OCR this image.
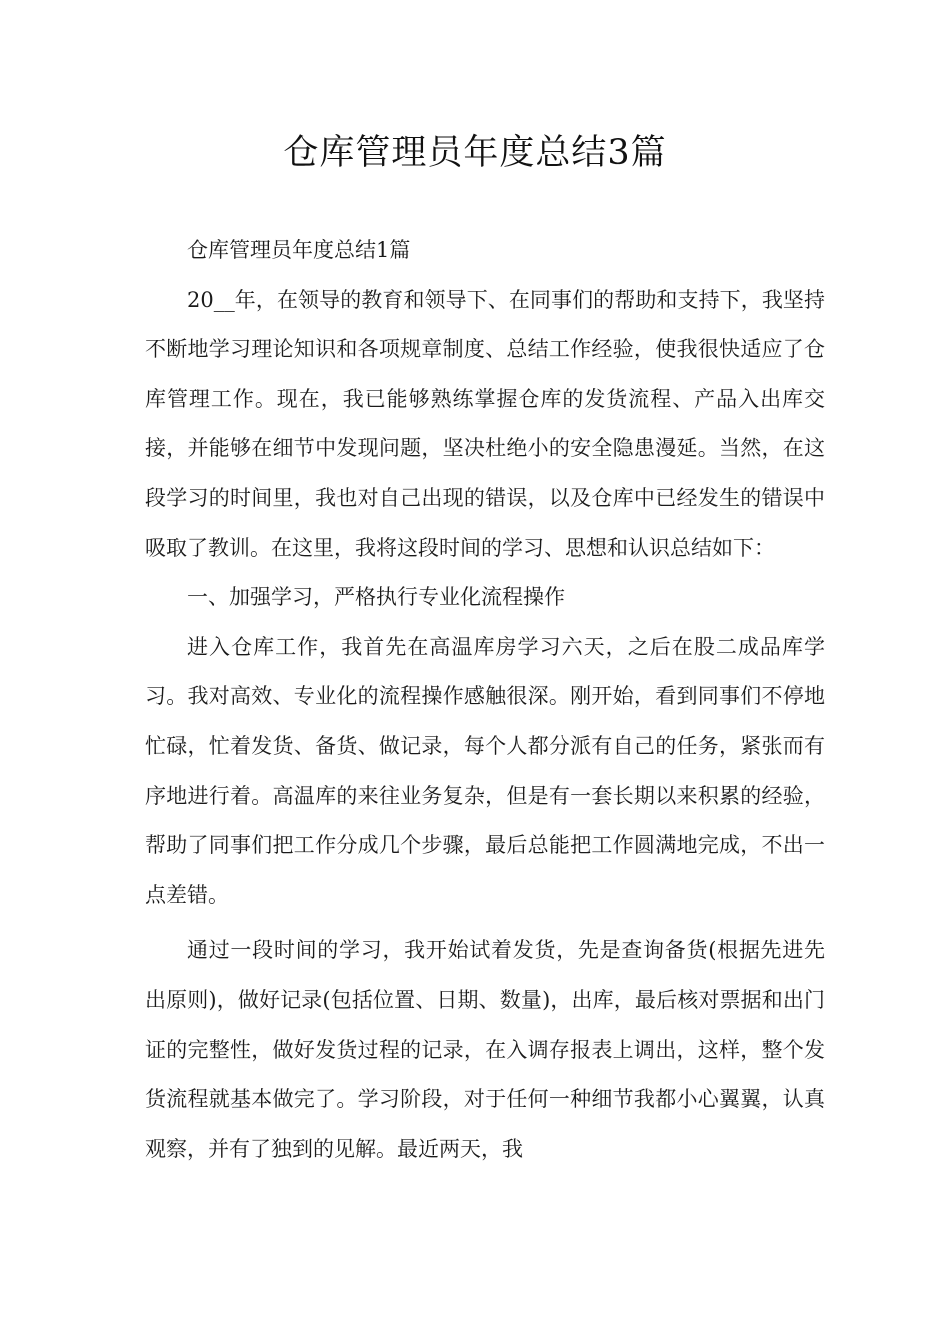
仓库管理员年度总结3篇

仓库管理员年度总结1篇

20__年，在领导的教育和领导下、在同事们的帮助和支持下，我坚持不断地学习理论知识和各项规章制度、总结工作经验，使我很快适应了仓库管理工作。现在，我已能够熟练掌握仓库的发货流程、产品入出库交接，并能够在细节中发现问题，坚决杜绝小的安全隐患漫延。当然，在这段学习的时间里，我也对自己出现的错误，以及仓库中已经发生的错误中吸取了教训。在这里，我将这段时间的学习、思想和认识总结如下：

一、加强学习，严格执行专业化流程操作

进入仓库工作，我首先在高温库房学习六天，之后在股二成品库学习。我对高效、专业化的流程操作感触很深。刚开始，看到同事们不停地忙碌，忙着发货、备货、做记录，每个人都分派有自己的任务，紧张而有序地进行着。高温库的来往业务复杂，但是有一套长期以来积累的经验，帮助了同事们把工作分成几个步骤，最后总能把工作圆满地完成，不出一点差错。

通过一段时间的学习，我开始试着发货，先是查询备货(根据先进先出原则)，做好记录(包括位置、日期、数量)，出库，最后核对票据和出门证的完整性，做好发货过程的记录，在入调存报表上调出，这样，整个发货流程就基本做完了。学习阶段，对于任何一种细节我都小心翼翼，认真观察，并有了独到的见解。最近两天，我
